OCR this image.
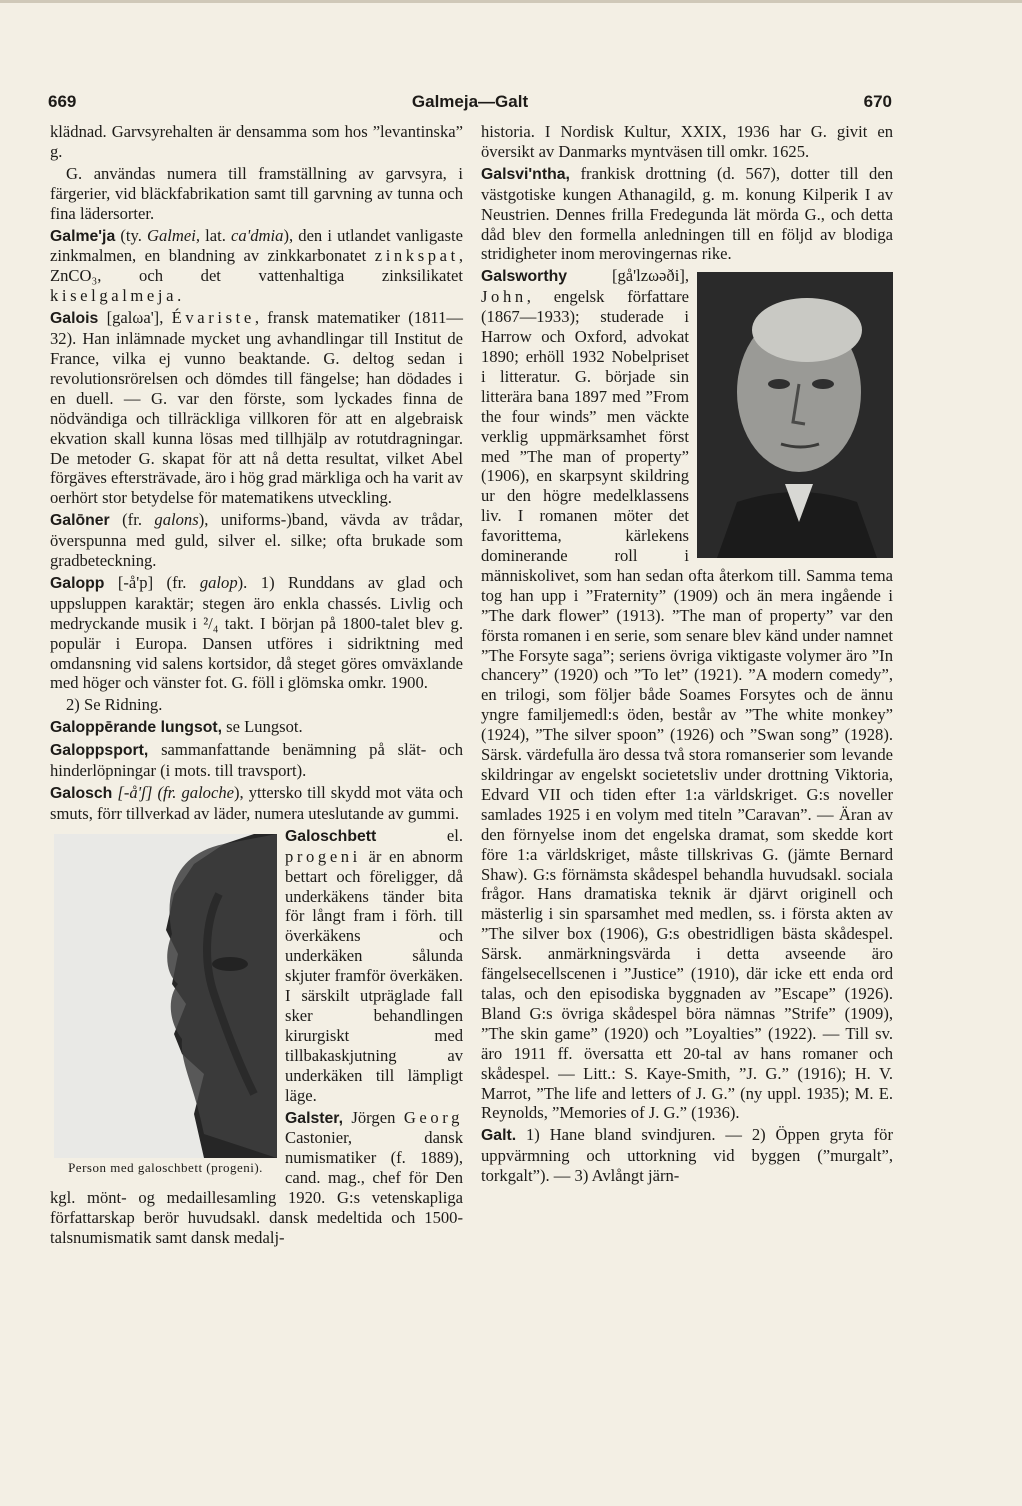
669	Galmeja—Galt	670

klädnad. Garvsyrehalten är densamma som hos ”levantinska” g.

G. användas numera till framställning av garvsyra, i färgerier, vid bläckfabrikation samt till garvning av tunna och fina lädersorter.

Galme'ja (ty. Galmei, lat. ca'dmia), den i utlandet vanligaste zinkmalmen, en blandning av zinkkarbonatet zinkspat, ZnCO₃, och det vattenhaltiga zinksilikatet kiselgalmeja.

Galois [galωa'], Évariste, fransk matematiker (1811—32). Han inlämnade mycket ung avhandlingar till Institut de France, vilka ej vunno beaktande. G. deltog sedan i revolutionsrörelsen och dömdes till fängelse; han dödades i en duell. — G. var den förste, som lyckades finna de nödvändiga och tillräckliga villkoren för att en algebraisk ekvation skall kunna lösas med tillhjälp av rotutdragningar. De metoder G. skapat för att nå detta resultat, vilket Abel förgäves eftersträvade, äro i hög grad märkliga och ha varit av oerhört stor betydelse för matematikens utveckling.

Galōner (fr. galons), uniforms-)band, vävda av trådar, överspunna med guld, silver el. silke; ofta brukade som gradbeteckning.

Galopp [-å'p] (fr. galop). 1) Runddans av glad och uppsluppen karaktär; stegen äro enkla chassés. Livlig och medryckande musik i ²/₄ takt. I början på 1800-talet blev g. populär i Europa. Dansen utföres i sidriktning med omdansning vid salens kortsidor, då steget göres omväxlande med höger och vänster fot. G. föll i glömska omkr. 1900.

2) Se Ridning.

Galoppērande lungsot, se Lungsot.

Galoppsport, sammanfattande benämning på slät- och hinderlöpningar (i mots. till travsport).

Galosch [-å'ʃ] (fr. galoche), yttersko till skydd mot väta och smuts, förr tillverkad av läder, numera uteslutande av gummi.

Person med galoschbett (progeni).

Galoschbett el. progeni är en abnorm bettart och föreligger, då underkäkens tänder bita för långt fram i förh. till överkäkens och underkäken sålunda skjuter framför överkäken. I särskilt utpräglade fall sker behandlingen kirurgiskt med tillbakaskjutning av underkäken till lämpligt läge.

Galster, Jörgen Georg Castonier, dansk numismatiker (f. 1889), cand. mag., chef för Den kgl. mönt- og medaillesamling 1920. G:s vetenskapliga författarskap berör huvudsakl. dansk medeltida och 1500-talsnumismatik samt dansk medalj-

historia. I Nordisk Kultur, XXIX, 1936 har G. givit en översikt av Danmarks myntväsen till omkr. 1625.

Galsvi'ntha, frankisk drottning (d. 567), dotter till den västgotiske kungen Athanagild, g. m. konung Kilperik I av Neustrien. Dennes frilla Fredegunda lät mörda G., och detta dåd blev den formella anledningen till en följd av blodiga stridigheter inom merovingernas rike.

Galsworthy [gå'lzωəði], John, engelsk författare (1867—1933); studerade i Harrow och Oxford, advokat 1890; erhöll 1932 Nobelpriset i litteratur. G. började sin litterära bana 1897 med ”From the four winds” men väckte verklig uppmärksamhet först med ”The man of property” (1906), en skarpsynt skildring ur den högre medelklassens liv. I romanen möter det favorittema, kärlekens dominerande roll i människolivet, som han sedan ofta återkom till. Samma tema tog han upp i ”Fraternity” (1909) och än mera ingående i ”The dark flower” (1913). ”The man of property” var den första romanen i en serie, som senare blev känd under namnet ”The Forsyte saga”; seriens övriga viktigaste volymer äro ”In chancery” (1920) och ”To let” (1921). ”A modern comedy”, en trilogi, som följer både Soames Forsytes och de ännu yngre familjemedl:s öden, består av ”The white monkey” (1924), ”The silver spoon” (1926) och ”Swan song” (1928). Särsk. värdefulla äro dessa två stora romanserier som levande skildringar av engelskt societetsliv under drottning Viktoria, Edvard VII och tiden efter 1:a världskriget. G:s noveller samlades 1925 i en volym med titeln ”Caravan”. — Äran av den förnyelse inom det engelska dramat, som skedde kort före 1:a världskriget, måste tillskrivas G. (jämte Bernard Shaw). G:s förnämsta skådespel behandla huvudsakl. sociala frågor. Hans dramatiska teknik är djärvt originell och mästerlig i sin sparsamhet med medlen, ss. i första akten av ”The silver box (1906), G:s obestridligen bästa skådespel. Särsk. anmärkningsvärda i detta avseende äro fängelsecellscenen i ”Justice” (1910), där icke ett enda ord talas, och den episodiska byggnaden av ”Escape” (1926). Bland G:s övriga skådespel böra nämnas ”Strife” (1909), ”The skin game” (1920) och ”Loyalties” (1922). — Till sv. äro 1911 ff. översatta ett 20-tal av hans romaner och skådespel. — Litt.: S. Kaye-Smith, ”J. G.” (1916); H. V. Marrot, ”The life and letters of J. G.” (ny uppl. 1935); M. E. Reynolds, ”Memories of J. G.” (1936).

Galt. 1) Hane bland svindjuren. — 2) Öppen gryta för uppvärmning och uttorkning vid byggen (”murgalt”, torkgalt”). — 3) Avlångt järn-
